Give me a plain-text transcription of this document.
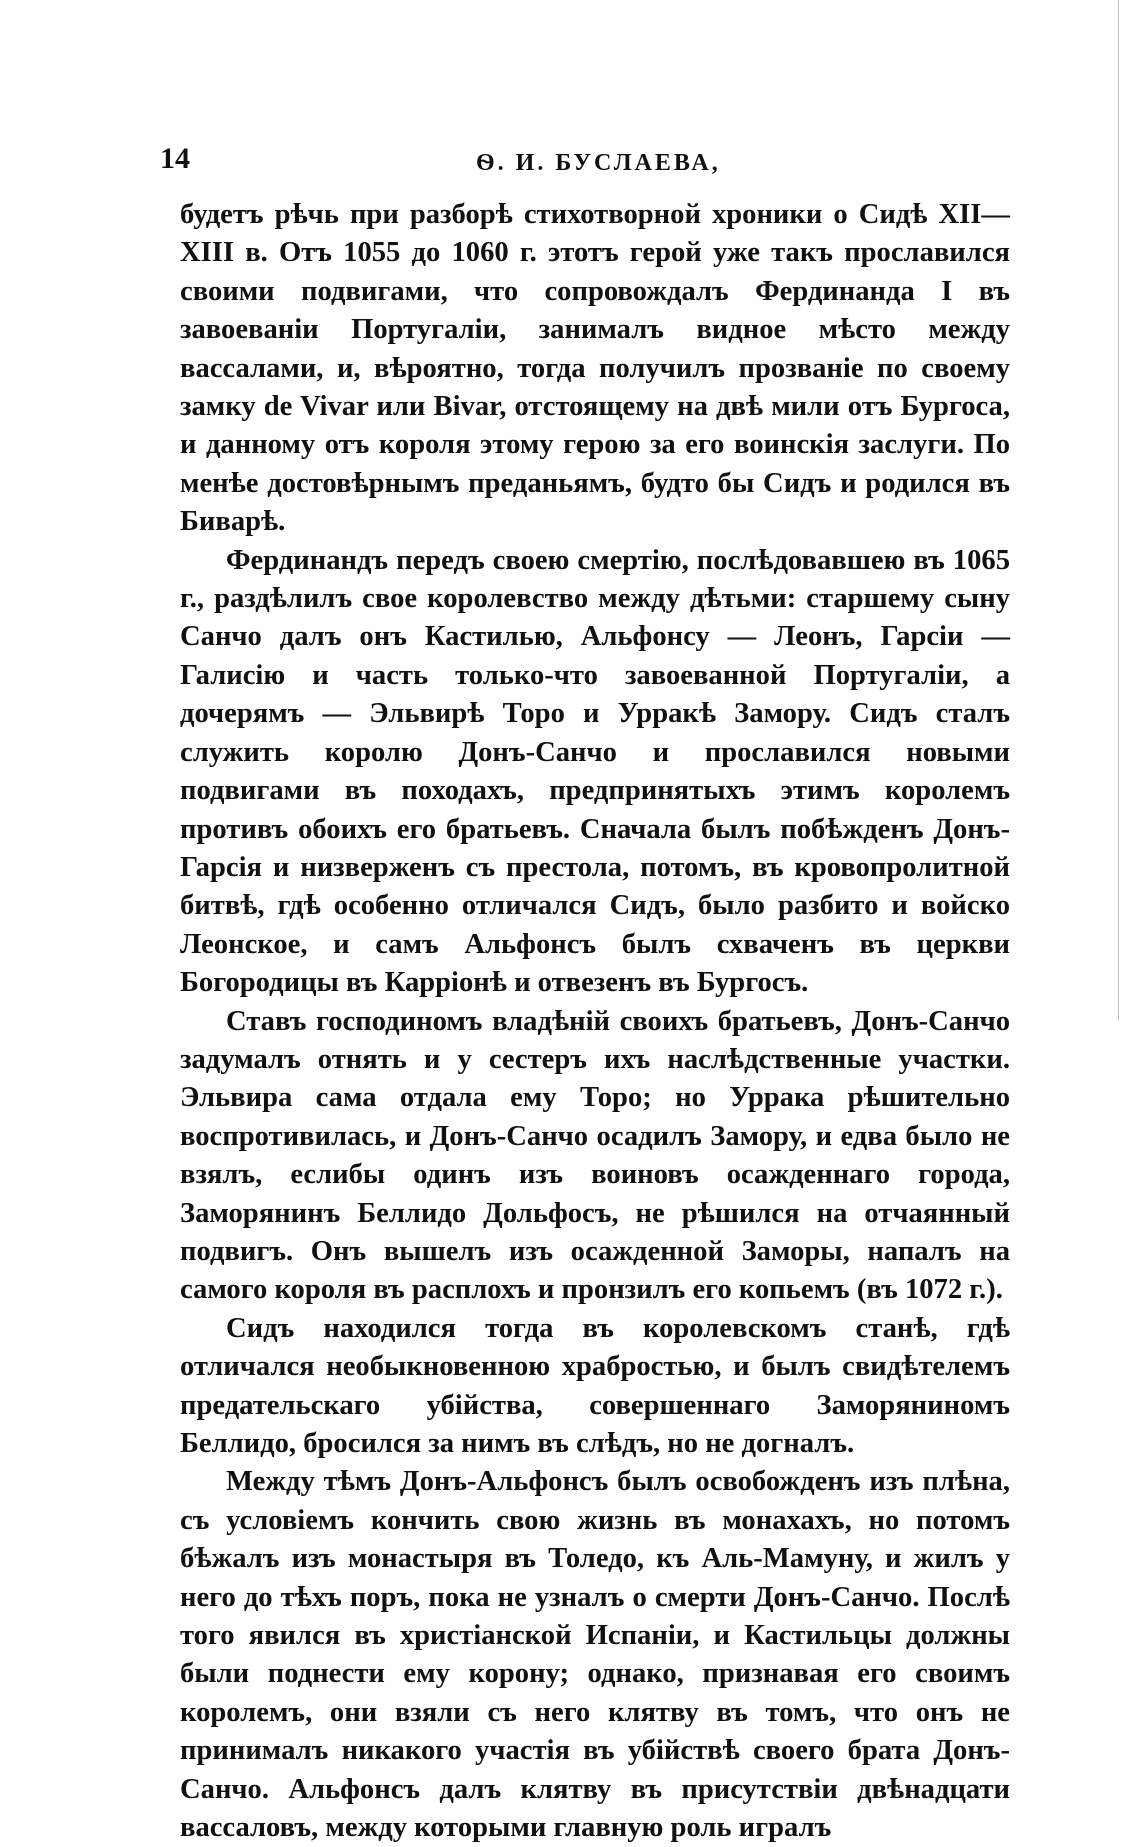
14	Ѳ. И. БУСЛАЕВА,

будетъ рѣчь при разборѣ стихотворной хроники о Сидѣ XII—XIII в. Отъ 1055 до 1060 г. этотъ герой уже такъ прославился своими подвигами, что сопровождалъ Фердинанда I въ завоеваніи Португаліи, занималъ видное мѣсто между вассалами, и, вѣроятно, тогда получилъ прозваніе по своему замку de Vivar или Bivar, отстоящему на двѣ мили отъ Бургоса, и данному отъ короля этому герою за его воинскія заслуги. По менѣе достовѣрнымъ преданьямъ, будто бы Сидъ и родился въ Биварѣ.

Фердинандъ передъ своею смертію, послѣдовавшею въ 1065 г., раздѣлилъ свое королевство между дѣтьми: старшему сыну Санчо далъ онъ Кастилью, Альфонсу — Леонъ, Гарсіи — Галисію и часть только-что завоеванной Португаліи, а дочерямъ — Эльвирѣ Торо и Урракѣ Замору. Сидъ сталъ служить королю Донъ-Санчо и прославился новыми подвигами въ походахъ, предпринятыхъ этимъ королемъ противъ обоихъ его братьевъ. Сначала былъ побѣжденъ Донъ-Гарсія и низверженъ съ престола, потомъ, въ кровопролитной битвѣ, гдѣ особенно отличался Сидъ, было разбито и войско Леонское, и самъ Альфонсъ былъ схваченъ въ церкви Богородицы въ Карріонѣ и отвезенъ въ Бургосъ.

Ставъ господиномъ владѣній своихъ братьевъ, Донъ-Санчо задумалъ отнять и у сестеръ ихъ наслѣдственные участки. Эльвира сама отдала ему Торо; но Уррака рѣшительно воспротивилась, и Донъ-Санчо осадилъ Замору, и едва было не взялъ, еслибы одинъ изъ воиновъ осажденнаго города, Заморянинъ Беллидо Дольфосъ, не рѣшился на отчаянный подвигъ. Онъ вышелъ изъ осажденной Заморы, напалъ на самого короля въ расплохъ и пронзилъ его копьемъ (въ 1072 г.).

Сидъ находился тогда въ королевскомъ станѣ, гдѣ отличался необыкновенною храбростью, и былъ свидѣтелемъ предательскаго убійства, совершеннаго Заморяниномъ Беллидо, бросился за нимъ въ слѣдъ, но не догналъ.

Между тѣмъ Донъ-Альфонсъ былъ освобожденъ изъ плѣна, съ условіемъ кончить свою жизнь въ монахахъ, но потомъ бѣжалъ изъ монастыря въ Толедо, къ Аль-Мамуну, и жилъ у него до тѣхъ поръ, пока не узналъ о смерти Донъ-Санчо. Послѣ того явился въ христіанской Испаніи, и Кастильцы должны были поднести ему корону; однако, признавая его своимъ королемъ, они взяли съ него клятву въ томъ, что онъ не принималъ никакого участія въ убійствѣ своего брата Донъ-Санчо. Альфонсъ далъ клятву въ присутствіи двѣнадцати вассаловъ, между которыми главную роль игралъ
